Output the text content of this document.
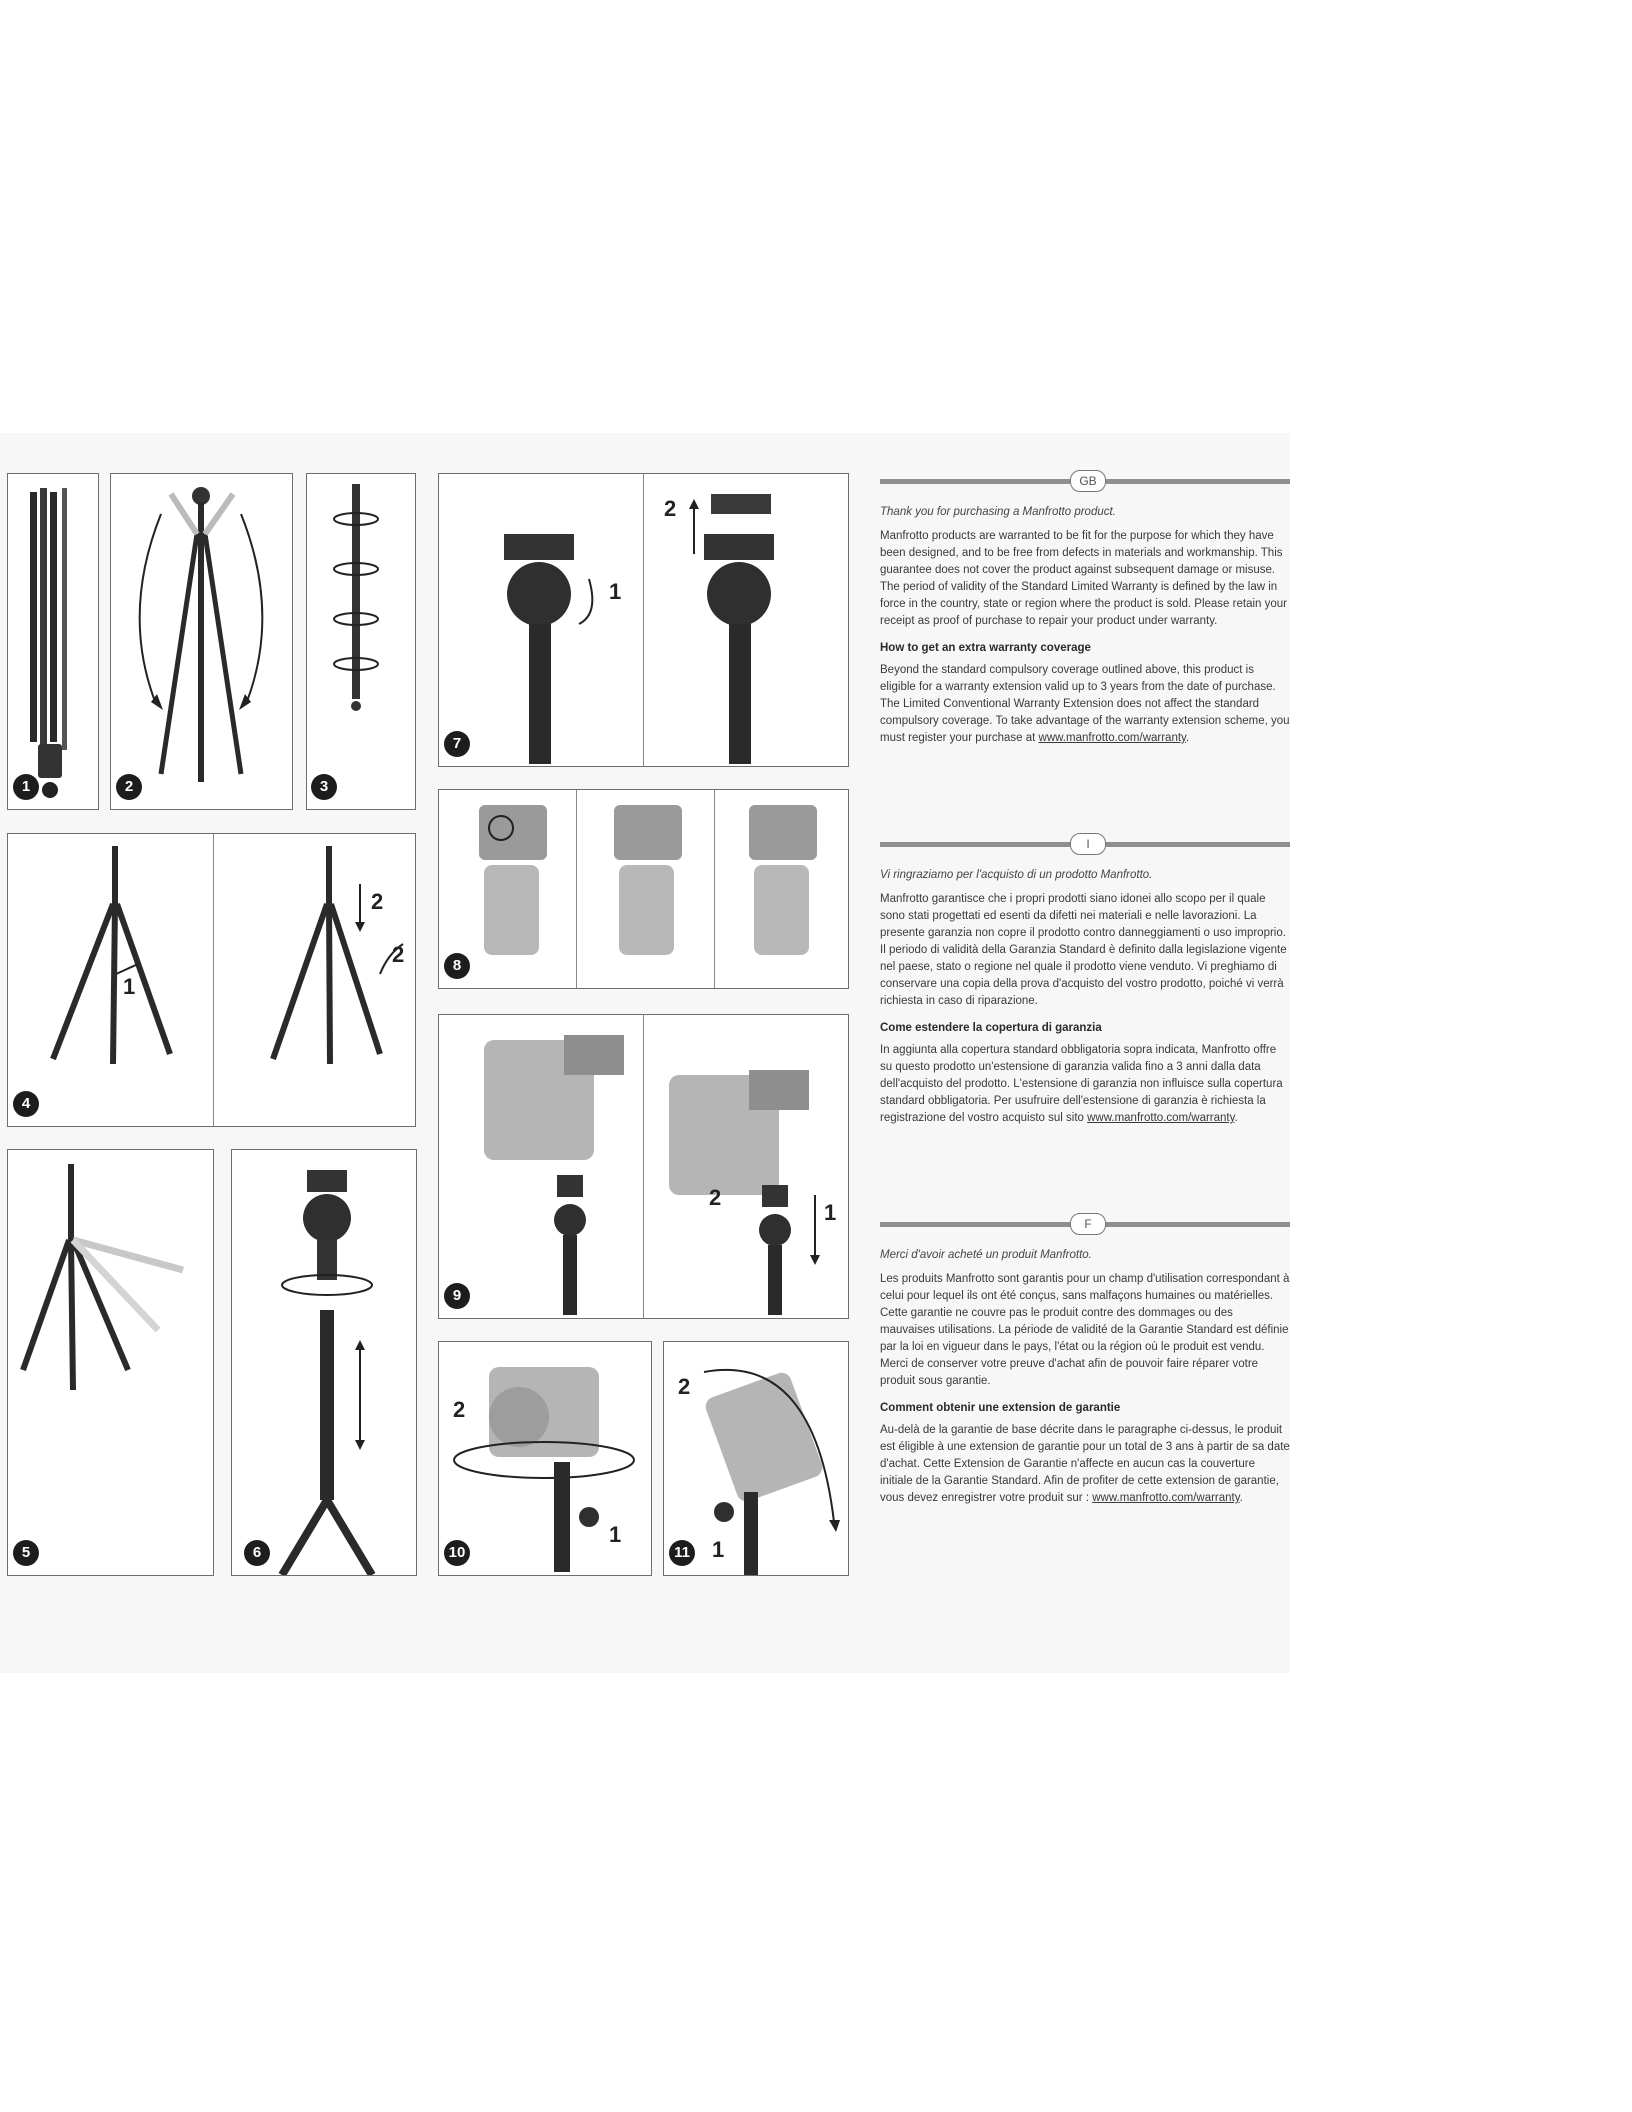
1	2	3
1
2
2
4
5	6
1
2
7
8
2
1
9
2
1
10
2
1
11
GB

Thank you for purchasing a Manfrotto product.

Manfrotto products are warranted to be fit for the purpose for which they have been designed, and to be free from defects in materials and workmanship. This guarantee does not cover the product against subsequent damage or misuse. The period of validity of the Standard Limited Warranty is defined by the law in force in the country, state or region where the product is sold. Please retain your receipt as proof of purchase to repair your product under warranty.

How to get an extra warranty coverage

Beyond the standard compulsory coverage outlined above, this product is eligible for a warranty extension valid up to 3 years from the date of purchase. The Limited Conventional Warranty Extension does not affect the standard compulsory coverage. To take advantage of the warranty extension scheme, you must register your purchase at www.manfrotto.com/warranty.

I

Vi ringraziamo per l'acquisto di un prodotto Manfrotto.

Manfrotto garantisce che i propri prodotti siano idonei allo scopo per il quale sono stati progettati ed esenti da difetti nei materiali e nelle lavorazioni. La presente garanzia non copre il prodotto contro danneggiamenti o uso improprio. Il periodo di validità della Garanzia Standard è definito dalla legislazione vigente nel paese, stato o regione nel quale il prodotto viene venduto. Vi preghiamo di conservare una copia della prova d'acquisto del vostro prodotto, poiché vi verrà richiesta in caso di riparazione.

Come estendere la copertura di garanzia

In aggiunta alla copertura standard obbligatoria sopra indicata, Manfrotto offre su questo prodotto un'estensione di garanzia valida fino a 3 anni dalla data dell'acquisto del prodotto. L'estensione di garanzia non influisce sulla copertura standard obbligatoria. Per usufruire dell'estensione di garanzia è richiesta la registrazione del vostro acquisto sul sito www.manfrotto.com/warranty.

F

Merci d'avoir acheté un produit Manfrotto.

Les produits Manfrotto sont garantis pour un champ d'utilisation correspondant à celui pour lequel ils ont été conçus, sans malfaçons humaines ou matérielles. Cette garantie ne couvre pas le produit contre des dommages ou des mauvaises utilisations. La période de validité de la Garantie Standard est définie par la loi en vigueur dans le pays, l'état ou la région où le produit est vendu. Merci de conserver votre preuve d'achat afin de pouvoir faire réparer votre produit sous garantie.

Comment obtenir une extension de garantie

Au-delà de la garantie de base décrite dans le paragraphe ci-dessus, le produit est éligible à une extension de garantie pour un total de 3 ans à partir de sa date d'achat. Cette Extension de Garantie n'affecte en aucun cas la couverture initiale de la Garantie Standard. Afin de profiter de cette extension de garantie, vous devez enregistrer votre produit sur : www.manfrotto.com/warranty.
